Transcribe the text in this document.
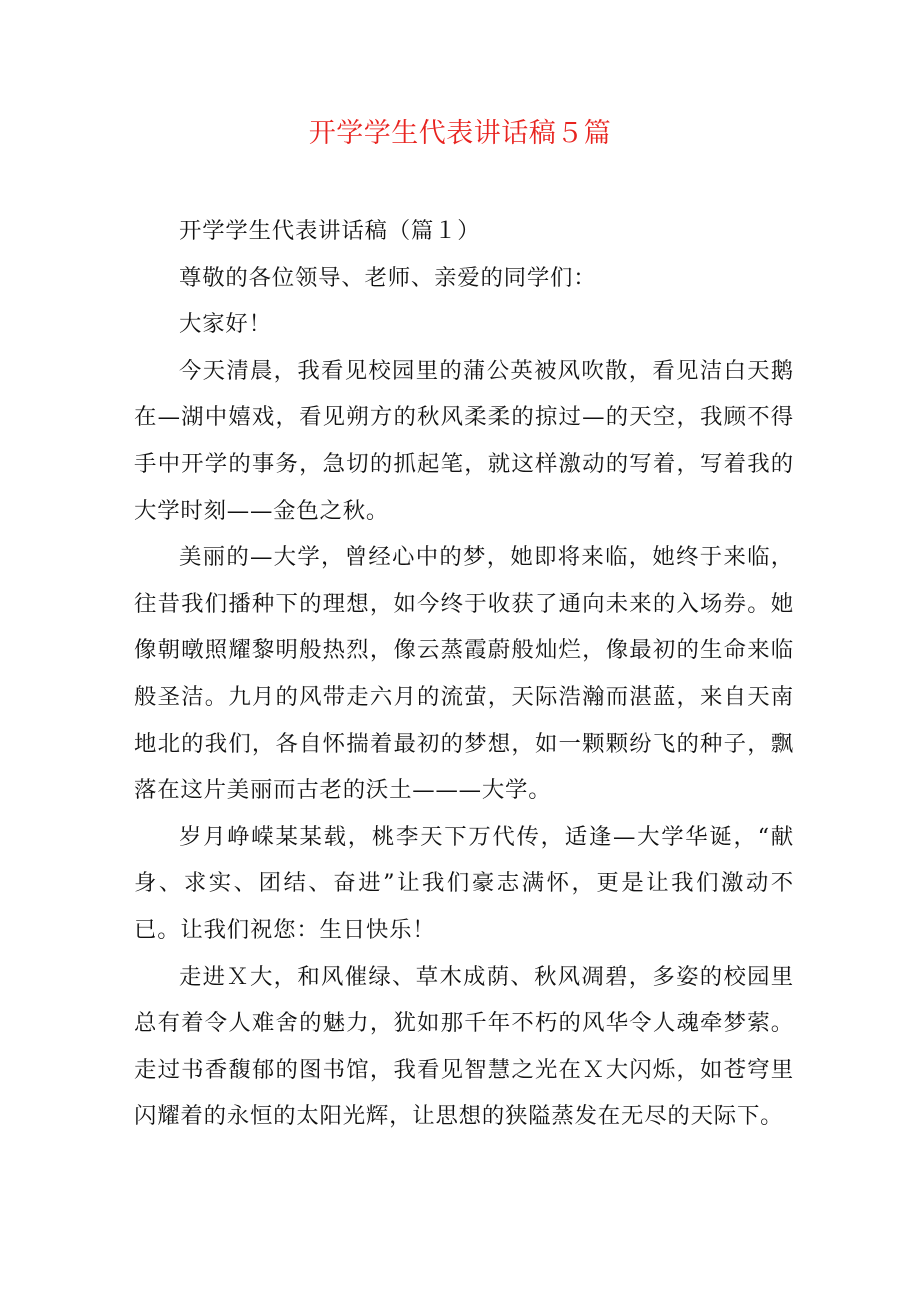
开学学生代表讲话稿５篇

开学学生代表讲话稿（篇１）

尊敬的各位领导、老师、亲爱的同学们：

大家好！

今天清晨，我看见校园里的蒲公英被风吹散，看见洁白天鹅在—湖中嬉戏，看见朔方的秋风柔柔的掠过—的天空，我顾不得手中开学的事务，急切的抓起笔，就这样激动的写着，写着我的大学时刻——金色之秋。

美丽的—大学，曾经心中的梦，她即将来临，她终于来临，往昔我们播种下的理想，如今终于收获了通向未来的入场券。她像朝暾照耀黎明般热烈，像云蒸霞蔚般灿烂，像最初的生命来临般圣洁。九月的风带走六月的流萤，天际浩瀚而湛蓝，来自天南地北的我们，各自怀揣着最初的梦想，如一颗颗纷飞的种子，飘落在这片美丽而古老的沃土———大学。

岁月峥嵘某某载，桃李天下万代传，适逢—大学华诞，“献身、求实、团结、奋进”让我们豪志满怀，更是让我们激动不已。让我们祝您：生日快乐！

走进Ｘ大，和风催绿、草木成荫、秋风凋碧，多姿的校园里总有着令人难舍的魅力，犹如那千年不朽的风华令人魂牵梦萦。走过书香馥郁的图书馆，我看见智慧之光在Ｘ大闪烁，如苍穹里闪耀着的永恒的太阳光辉，让思想的狭隘蒸发在无尽的天际下。
